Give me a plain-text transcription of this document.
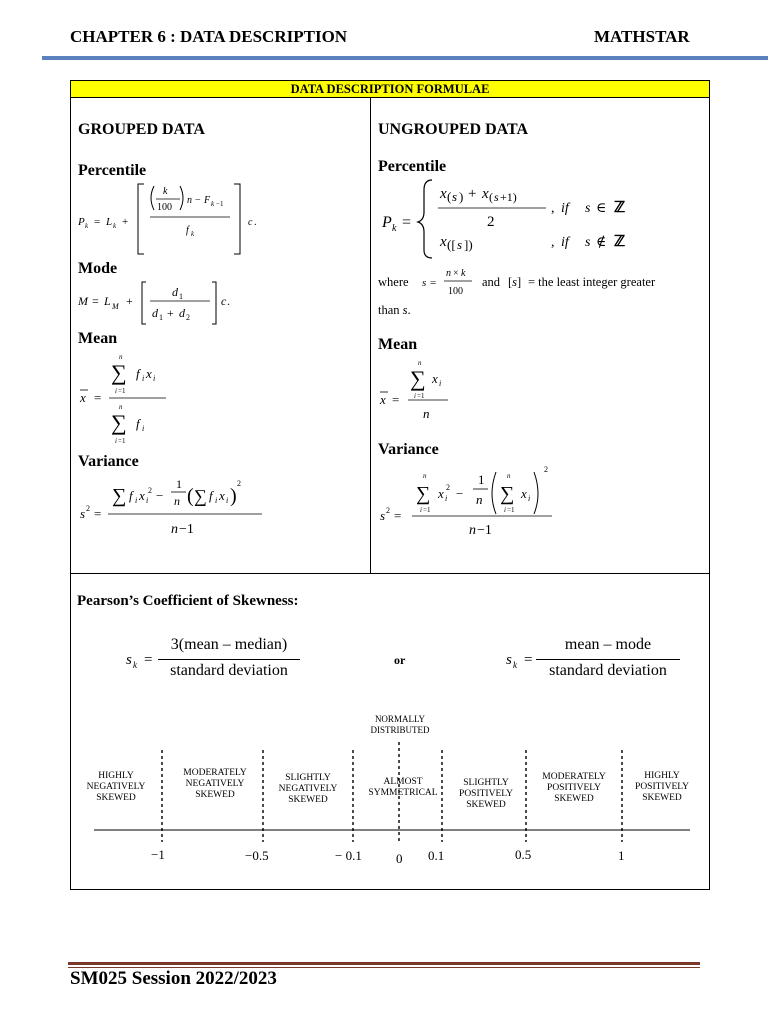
CHAPTER 6 : DATA DESCRIPTION	MATHSTAR
DATA DESCRIPTION FORMULAE
GROUPED DATA
Percentile
P k = L k +
k
100
n − F k −1
f k
c .
Mode
M = L M +
d 1
d 1 + d 2
c .
Mean
x =
n
∑
i =1
f i x i
n
∑
i =1
f i
Variance
s 2 =
∑ f i x i
2 −
1
n ( ∑ f i x i )
2
n −1
UNGROUPED DATA
Percentile
P k =
x ( s ) + x ( s +1)
2
, if s ∈ ℤ
x ([ s ])	, if s ∉ ℤ
where s =
n × k
100
and [s] = the least integer greater
than s.
Mean
x =
n
∑
i =1
x i
n
Variance
s 2 =
n
∑
i =1
x i
2 −
1
n
n
∑
i =1
x i
2
n −1
Pearson’s Coefficient of Skewness:
s k =
3(mean – median)
standard deviation
or	s k =
mean – mode
standard deviation
NORMALLY DISTRIBUTED
HIGHLY NEGATIVELY SKEWED
MODERATELY NEGATIVELY SKEWED
SLIGHTLY NEGATIVELY SKEWED
ALMOST SYMMETRICAL
SLIGHTLY POSITIVELY SKEWED
MODERATELY POSITIVELY SKEWED
HIGHLY POSITIVELY SKEWED
−1	−0.5	− 0.1	0 0.1	0.5	1
SM025 Session 2022/2023
